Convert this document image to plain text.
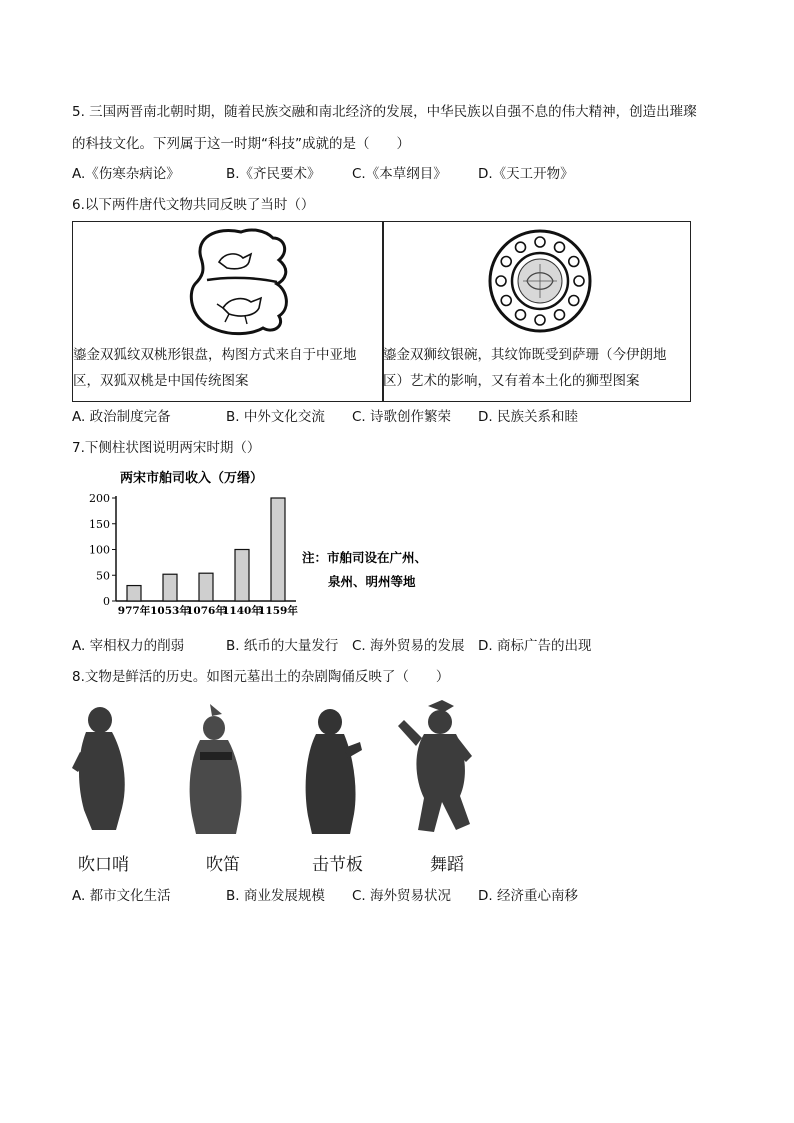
5. 三国两晋南北朝时期，随着民族交融和南北经济的发展，中华民族以自强不息的伟大精神，创造出璀璨
的科技文化。下列属于这一时期“科技”成就的是（　　）
A.《伤寒杂病论》	B.《齐民要术》 C.《本草纲目》 D.《天工开物》
6.以下两件唐代文物共同反映了当时（）
鎏金双狐纹双桃形银盘，构图方式来自于中亚地
区，双狐双桃是中国传统图案
鎏金双狮纹银碗，其纹饰既受到萨珊（今伊朗地
区）艺术的影响，又有着本土化的狮型图案
A. 政治制度完备	B. 中外文化交流 C. 诗歌创作繁荣 D. 民族关系和睦
7.下侧柱状图说明两宋时期（）
两宋市舶司收入（万缗）
0
50
100
150
200
977年 1053年
1076年
1140年
1159年
注：市舶司设在广州、
泉州、明州等地
A. 宰相权力的削弱	B. 纸币的大量发行 C. 海外贸易的发展 D. 商标广告的出现
8.文物是鲜活的历史。如图元墓出土的杂剧陶俑反映了（　　）
吹口哨	吹笛	击节板	舞蹈
A. 都市文化生活	B. 商业发展规模 C. 海外贸易状况 D. 经济重心南移
